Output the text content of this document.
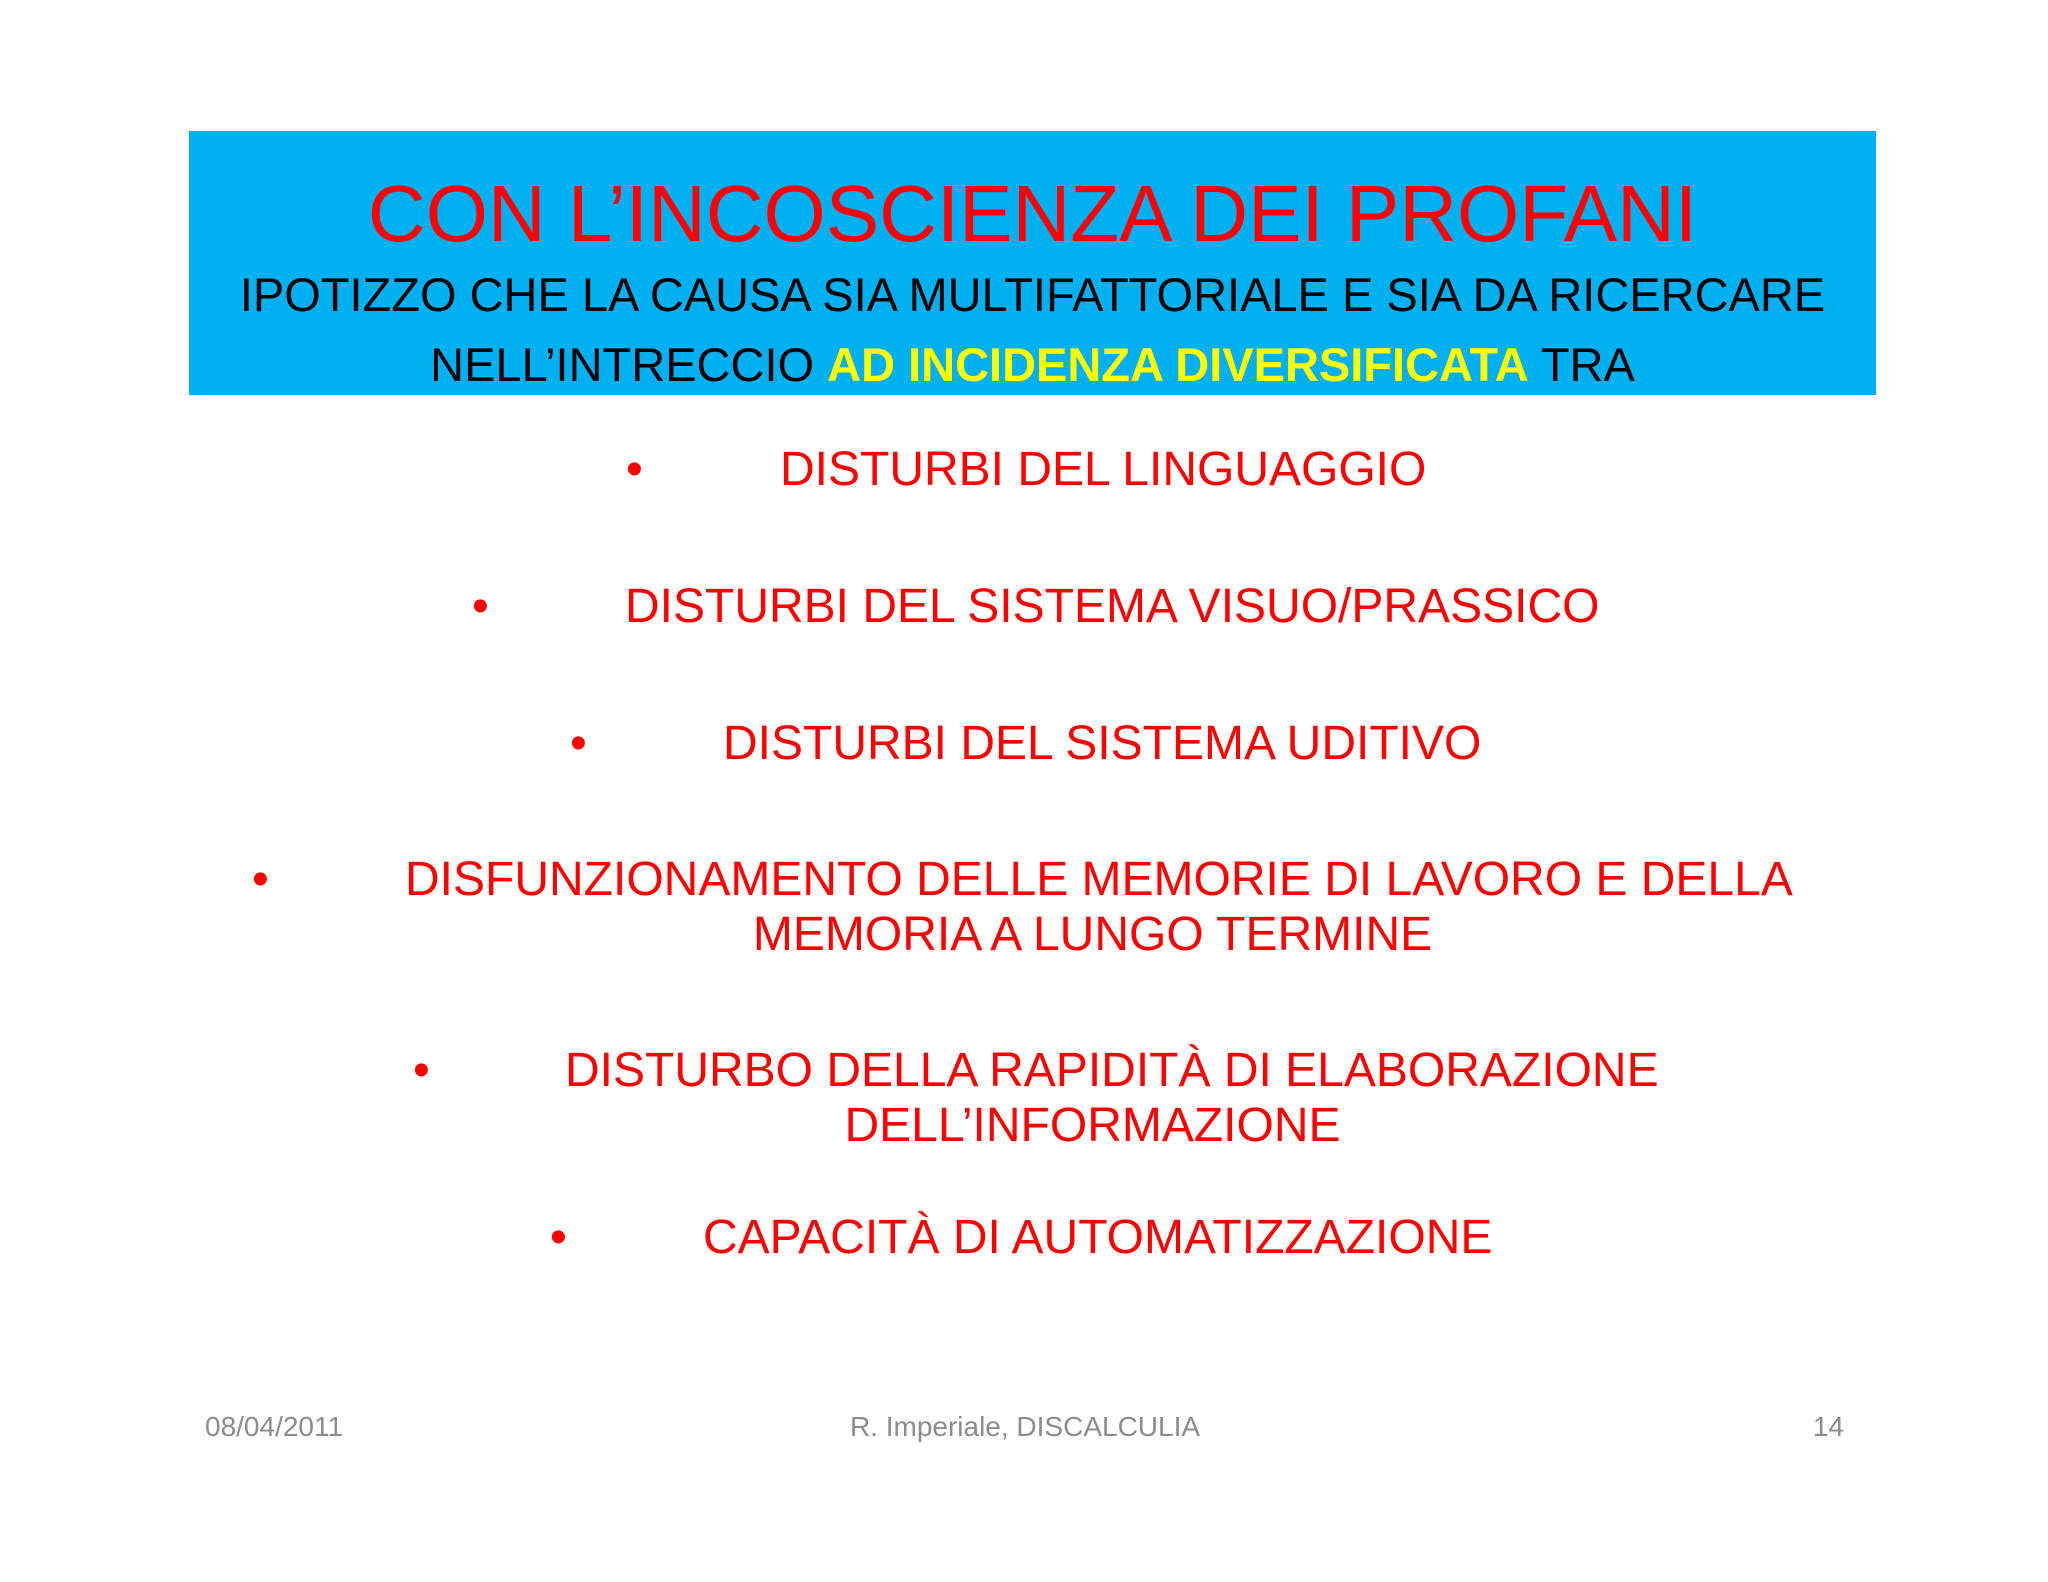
CON L’INCOSCIENZA DEI PROFANI
IPOTIZZO CHE LA CAUSA SIA MULTIFATTORIALE E SIA DA RICERCARE
NELL’INTRECCIO AD INCIDENZA DIVERSIFICATA TRA
•	DISTURBI DEL LINGUAGGIO
•	DISTURBI DEL SISTEMA VISUO/PRASSICO
•	DISTURBI DEL SISTEMA UDITIVO
•	DISFUNZIONAMENTO DELLE MEMORIE DI LAVORO E DELLA
MEMORIA A LUNGO TERMINE
•	DISTURBO DELLA RAPIDITÀ DI ELABORAZIONE
DELL’INFORMAZIONE
•	CAPACITÀ DI AUTOMATIZZAZIONE
08/04/2011	R. Imperiale, DISCALCULIA	14
